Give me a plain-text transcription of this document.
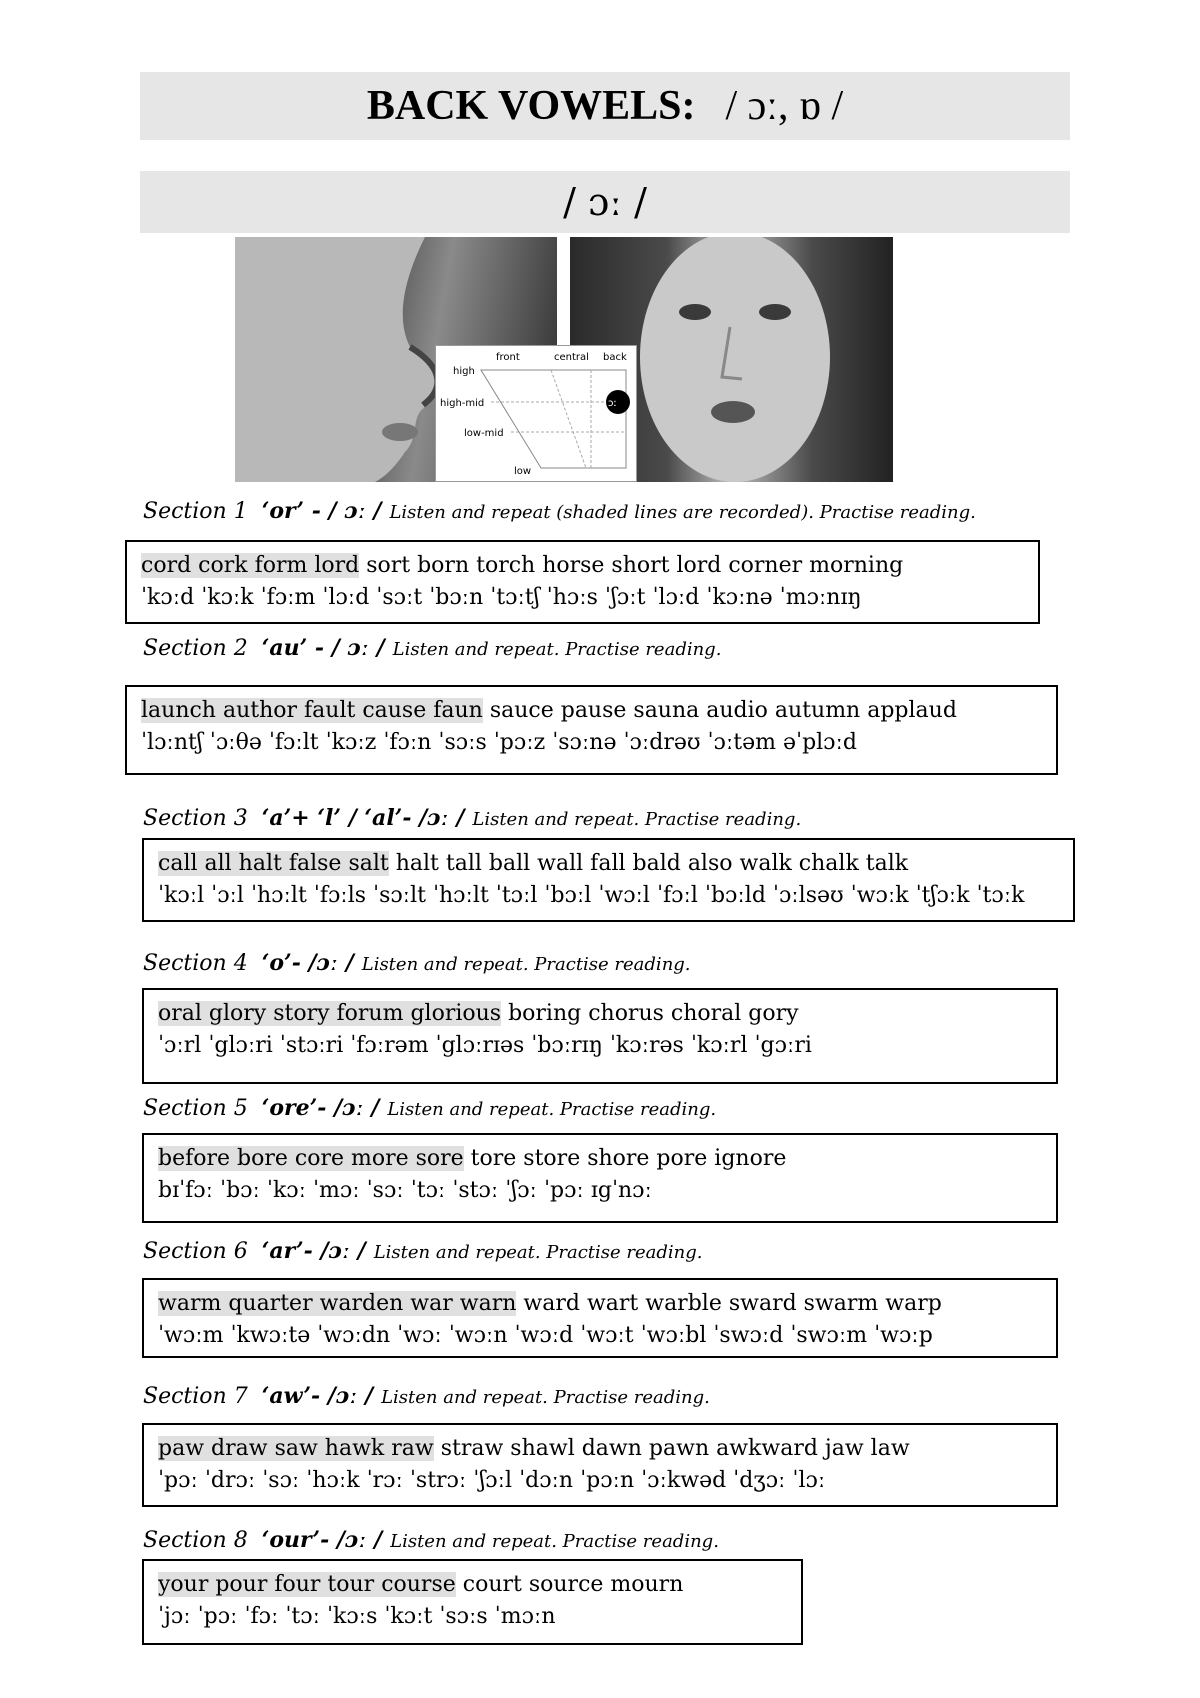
BACK VOWELS: / ɔː, ɒ /
/ ɔː /
front	central back
high
high-mid
low-mid
low
ɔː
Section 1 ‘or’ - / ɔː / Listen and repeat (shaded lines are recorded). Practise reading.
cord cork form lord sort born torch horse short lord corner morning
ˈkɔːd ˈkɔːk ˈfɔːm ˈlɔːd ˈsɔːt ˈbɔːn ˈtɔːtʃ ˈhɔːs ˈʃɔːt ˈlɔːd ˈkɔːnə ˈmɔːnɪŋ
Section 2 ‘au’ - / ɔː / Listen and repeat. Practise reading.
launch author fault cause faun sauce pause sauna audio autumn applaud
ˈlɔːntʃ ˈɔːθə ˈfɔːlt ˈkɔːz ˈfɔːn ˈsɔːs ˈpɔːz ˈsɔːnə ˈɔːdrəʊ ˈɔːtəm əˈplɔːd
Section 3 ‘a’+ ‘l’ / ‘al’- /ɔː / Listen and repeat. Practise reading.
call all halt false salt halt tall ball wall fall bald also walk chalk talk
ˈkɔːl ˈɔːl ˈhɔːlt ˈfɔːls ˈsɔːlt ˈhɔːlt ˈtɔːl ˈbɔːl ˈwɔːl ˈfɔːl ˈbɔːld ˈɔːlsəʊ ˈwɔːk ˈtʃɔːk ˈtɔːk
Section 4 ‘o’- /ɔː / Listen and repeat. Practise reading.
oral glory story forum glorious boring chorus choral gory
ˈɔːrl ˈglɔːri ˈstɔːri ˈfɔːrəm ˈglɔːrɪəs ˈbɔːrɪŋ ˈkɔːrəs ˈkɔːrl ˈgɔːri
Section 5 ‘ore’- /ɔː / Listen and repeat. Practise reading.
before bore core more sore tore store shore pore ignore
bɪˈfɔː ˈbɔː ˈkɔː ˈmɔː ˈsɔː ˈtɔː ˈstɔː ˈʃɔː ˈpɔː ɪgˈnɔː
Section 6 ‘ar’- /ɔː / Listen and repeat. Practise reading.
warm quarter warden war warn ward wart warble sward swarm warp
ˈwɔːm ˈkwɔːtə ˈwɔːdn ˈwɔː ˈwɔːn ˈwɔːd ˈwɔːt ˈwɔːbl ˈswɔːd ˈswɔːm ˈwɔːp
Section 7 ‘aw’- /ɔː / Listen and repeat. Practise reading.
paw draw saw hawk raw straw shawl dawn pawn awkward jaw law
ˈpɔː ˈdrɔː ˈsɔː ˈhɔːk ˈrɔː ˈstrɔː ˈʃɔːl ˈdɔːn ˈpɔːn ˈɔːkwəd ˈdʒɔː ˈlɔː
Section 8 ‘our’- /ɔː / Listen and repeat. Practise reading.
your pour four tour course court source mourn
ˈjɔː ˈpɔː ˈfɔː ˈtɔː ˈkɔːs ˈkɔːt ˈsɔːs ˈmɔːn
